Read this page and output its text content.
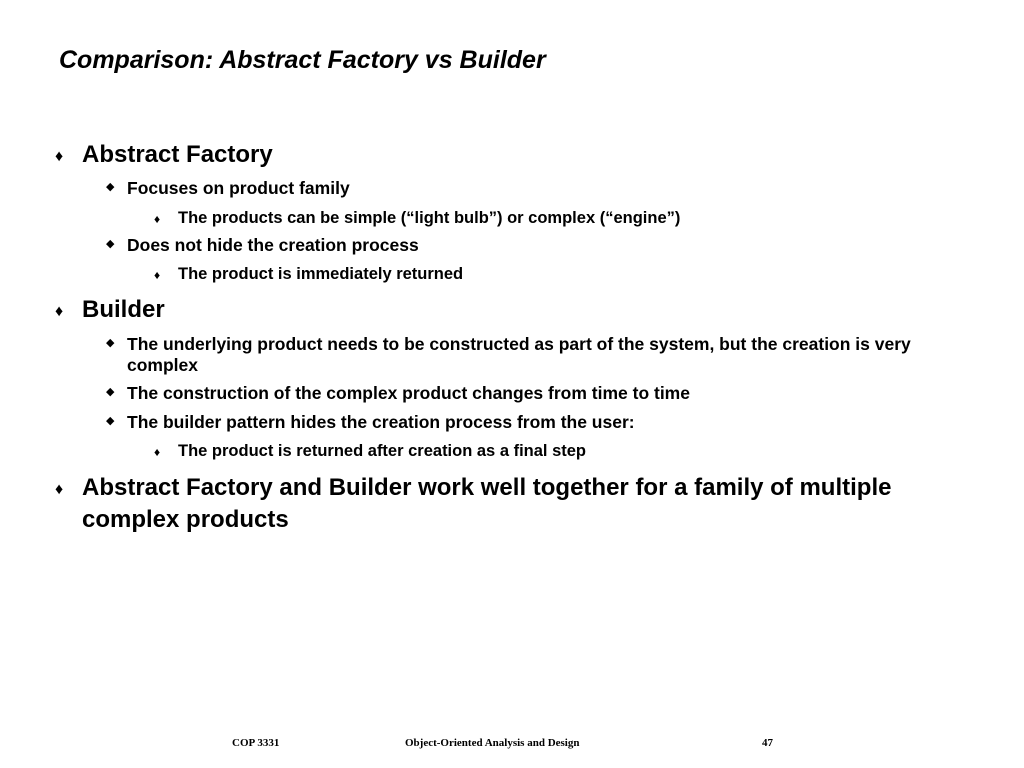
Comparison: Abstract Factory vs Builder
♦ Abstract Factory
◆ Focuses on product family
♦ The products can be simple (“light bulb”) or complex (“engine”)
◆ Does not hide the creation process
♦ The product is immediately returned
♦ Builder
◆ The underlying product needs to be constructed as part of the system, but the creation is very complex
◆ The construction of the complex product changes from time to time
◆ The builder pattern hides the creation process from the user:
♦ The product is returned after creation as a final step
♦ Abstract Factory and Builder work well together for a family of multiple complex products
COP 3331	Object-Oriented Analysis and Design	47
